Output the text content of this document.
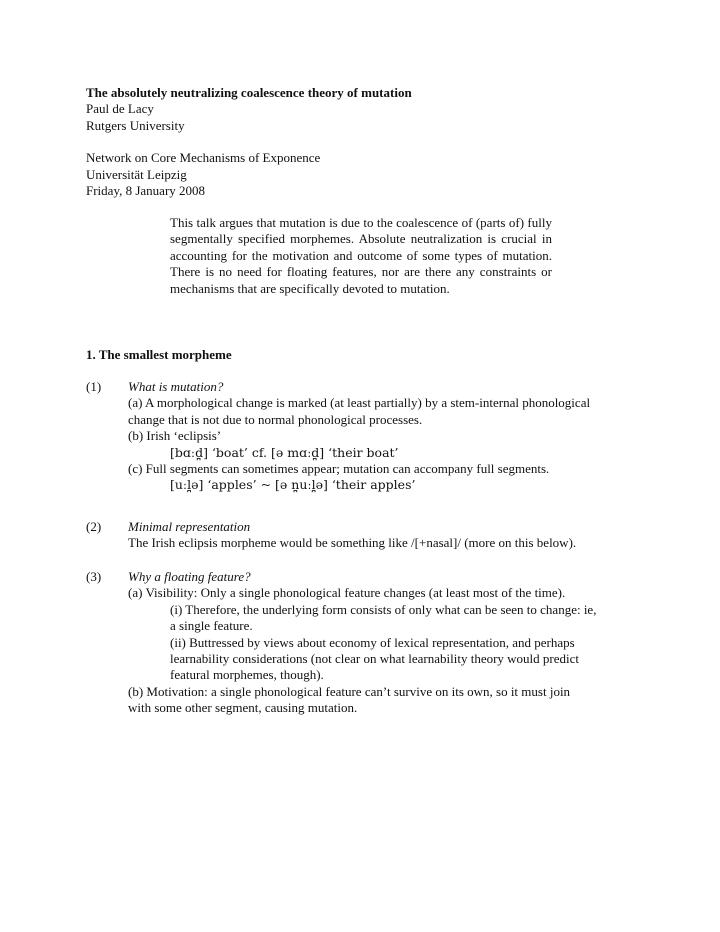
The absolutely neutralizing coalescence theory of mutation
Paul de Lacy
Rutgers University
Network on Core Mechanisms of Exponence
Universität Leipzig
Friday, 8 January 2008
This talk argues that mutation is due to the coalescence of (parts of) fully segmentally specified morphemes. Absolute neutralization is crucial in accounting for the motivation and outcome of some types of mutation. There is no need for floating features, nor are there any constraints or mechanisms that are specifically devoted to mutation.
1. The smallest morpheme
(1) What is mutation?
(a) A morphological change is marked (at least partially) by a stem-internal phonological
change that is not due to normal phonological processes.
(b) Irish ‘eclipsis’
[bɑːd̪] ‘boat’ cf. [ə mɑːd̪] ‘their boat’
(c) Full segments can sometimes appear; mutation can accompany full segments.
[uːl̪ə] ‘apples’ ~ [ə n̪uːl̪ə] ‘their apples’
(2) Minimal representation
The Irish eclipsis morpheme would be something like /[+nasal]/ (more on this below).
(3) Why a floating feature?
(a) Visibility: Only a single phonological feature changes (at least most of the time).
(i) Therefore, the underlying form consists of only what can be seen to change: ie,
a single feature.
(ii) Buttressed by views about economy of lexical representation, and perhaps
learnability considerations (not clear on what learnability theory would predict
featural morphemes, though).
(b) Motivation: a single phonological feature can’t survive on its own, so it must join
with some other segment, causing mutation.
